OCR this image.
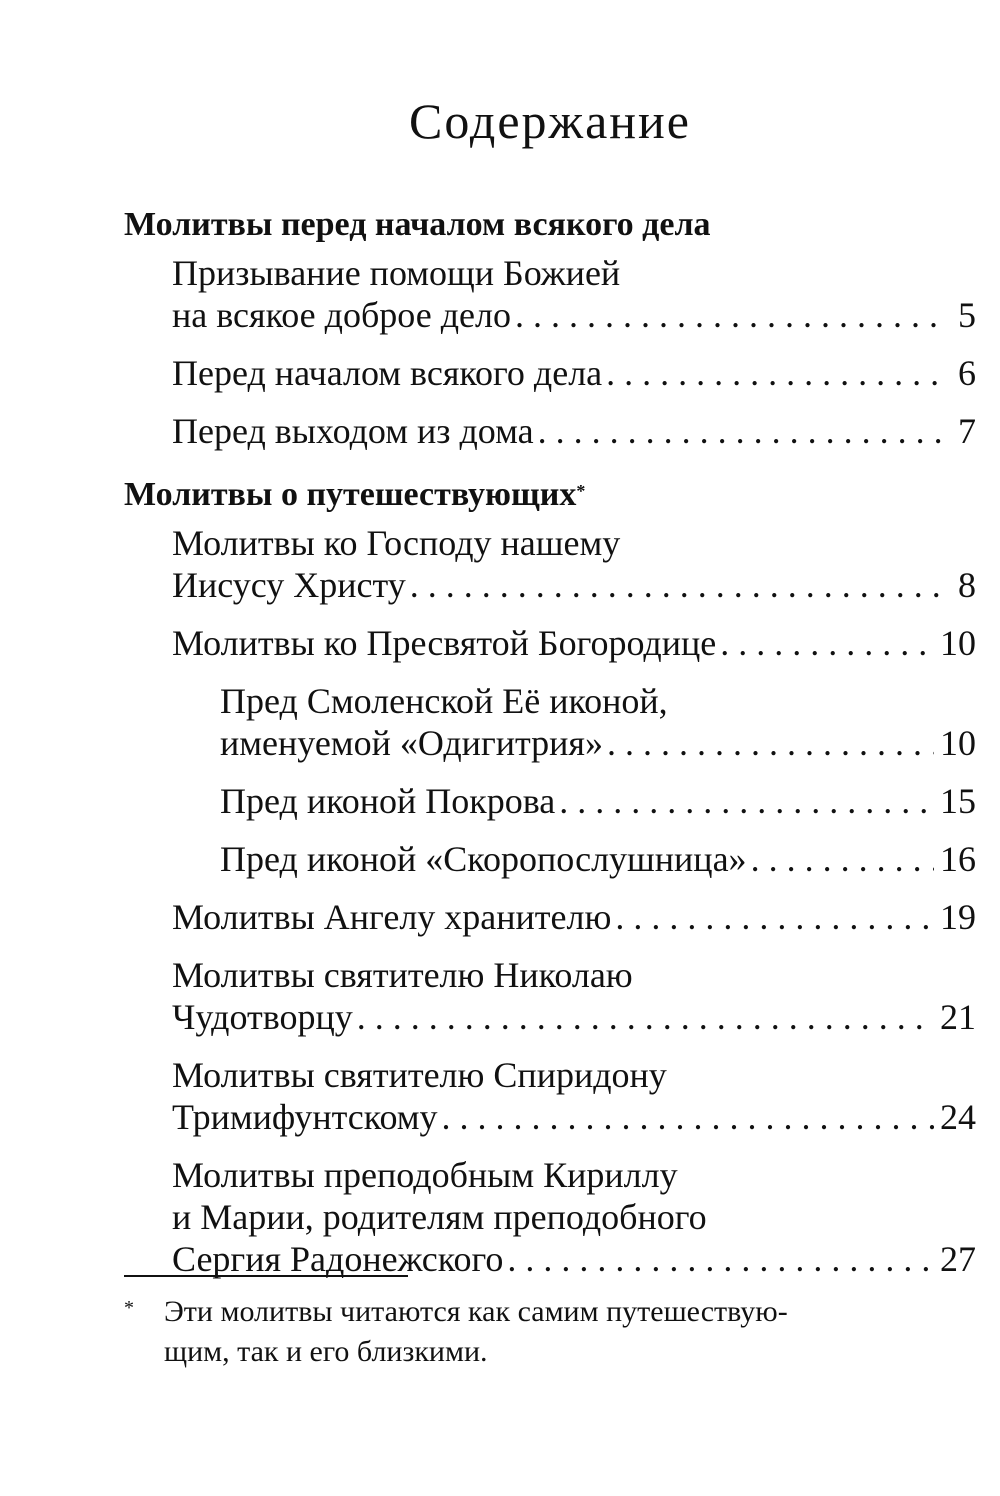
Содержание
Молитвы перед началом всякого дела
Призывание помощи Божией
на всякое доброе дело . . .	5
Перед началом всякого дела . . .	6
Перед выходом из дома . . .	7
Молитвы о путешествующих*
Молитвы ко Господу нашему
Иисусу Христу . . .	8
Молитвы ко Пресвятой Богородице . . .	10
Пред Смоленской Её иконой,
именуемой «Одигитрия» . . .	10
Пред иконой Покрова . . .	15
Пред иконой «Скоропослушница» . . .	16
Молитвы Ангелу хранителю . . .	19
Молитвы святителю Николаю
Чудотворцу . . .	21
Молитвы святителю Спиридону
Тримифунтскому . . .	24
Молитвы преподобным Кириллу
и Марии, родителям преподобного
Сергия Радонежского . . .	27
* Эти молитвы читаются как самим путешествую-
щим, так и его близкими.
